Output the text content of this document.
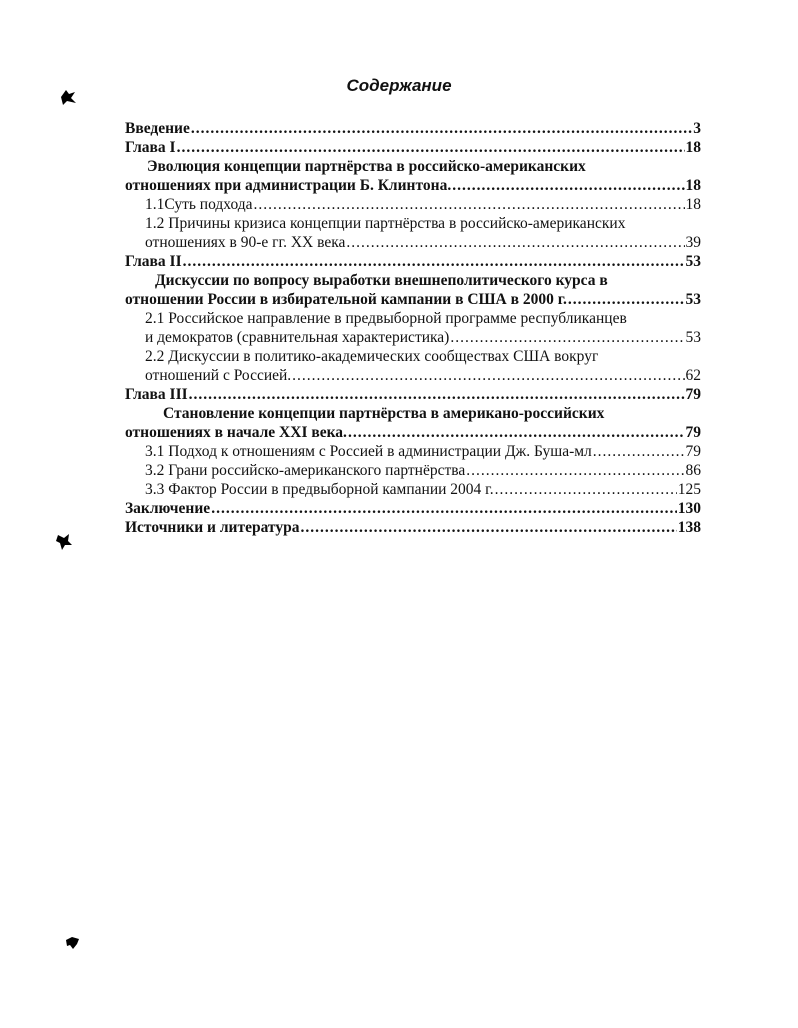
Содержание
Введение .....	3
Глава I .....	18
Эволюция концепции партнёрства в российско-американских
отношениях при администрации Б. Клинтона. .....	18
1.1Суть подхода .....	18
1.2 Причины кризиса концепции партнёрства в российско-американских
отношениях в 90-е гг. XX века .....	39
Глава II .....	53
Дискуссии по вопросу выработки внешнеполитического курса в
отношении России в избирательной кампании в США в 2000 г. .....	53
2.1 Российское направление в предвыборной программе республиканцев
и демократов (сравнительная характеристика) .....	53
2.2 Дискуссии в политико-академических сообществах США вокруг
отношений с Россией. .....	62
Глава III .....	79
Становление концепции партнёрства в американо-российских
отношениях в начале XXI века. .....	79
3.1 Подход к отношениям с Россией в администрации Дж. Буша-мл .....	79
3.2 Грани российско-американского партнёрства .....	86
3.3 Фактор России в предвыборной кампании 2004 г. .....	125
Заключение .....	130
Источники и литература .....	138
